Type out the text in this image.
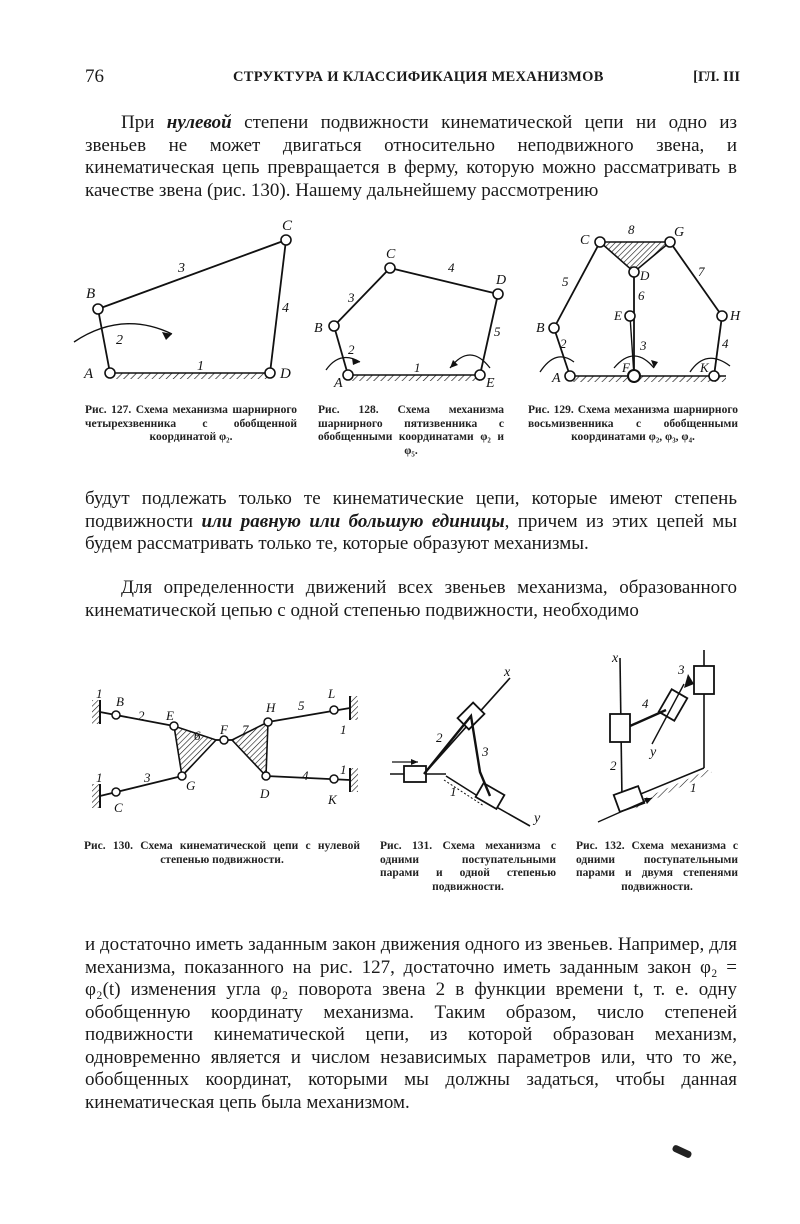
76	СТРУКТУРА И КЛАССИФИКАЦИЯ МЕХАНИЗМОВ	[ГЛ. III
При нулевой степени подвижности кинематической цепи ни одно из звеньев не может двигаться относительно неподвижного звена, и кинематическая цепь превращается в ферму, которую можно рассматривать в качестве звена (рис. 130). Нашему дальнейшему рассмотрению
A
B
C
D
1
2
3
4
Рис. 127. Схема механизма шарнирного четырехзвенника с обобщенной координатой φ₂.
A
B
C
D
E
1
2
3
4
5
Рис. 128. Схема механизма шарнирного пятизвенника с обобщенными координатами φ₂ и φ₅.
A
B
C
D
E
F
G
H
K
2	3	4
5
6
7
8
Рис. 129. Схема механизма шарнирного восьмизвенника с обобщенными координатами φ₂, φ₃, φ₄.
будут подлежать только те кинематические цепи, которые имеют степень подвижности или равную или большую единицы, причем из этих цепей мы будем рассматривать только те, которые образуют механизмы.
Для определенности движений всех звеньев механизма, образованного кинематической цепью с одной степенью подвижности, необходимо
1
B
2 E
6 F 7
H 5
L
1
1	3
G
D
4 1
K
C
Рис. 130. Схема кинематической цепи с нулевой степенью подвижности.
x
y
2
3
1
Рис. 131. Схема механизма с одними поступательными парами и одной степенью подвижности.
x
y
3
4
2
1
Рис. 132. Схема механизма с одними поступательными парами и двумя степенями подвижности.
и достаточно иметь заданным закон движения одного из звеньев. Например, для механизма, показанного на рис. 127, достаточно иметь заданным закон φ₂ = φ₂(t) изменения угла φ₂ поворота звена 2 в функции времени t, т. е. одну обобщенную координату механизма. Таким образом, число степеней подвижности кинематической цепи, из которой образован механизм, одновременно является и числом независимых параметров или, что то же, обобщенных координат, которыми мы должны задаться, чтобы данная кинематическая цепь была механизмом.
